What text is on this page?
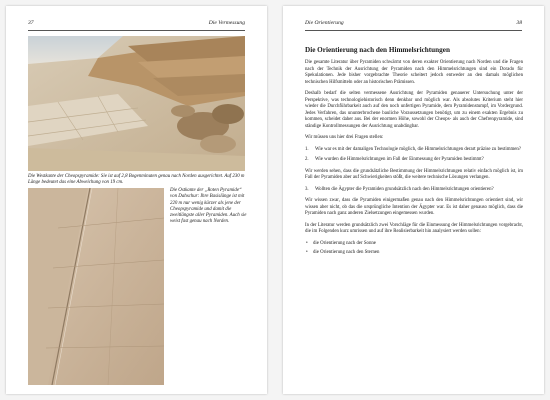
37	Die Vermessung
Die Westkante der Cheopspyramide: Sie ist auf 2,8 Bogenminuten genau nach Norden ausgerichtet. Auf 230 m Länge bedeutet das eine Abweichung von 19 cm.
Die Ostkante der „Roten Pyramide“ von Dahschur: Ihre Basislänge ist mit 220 m nur wenig kürzer als jene der Cheopspyramide und damit die zweitlängste aller Pyramiden. Auch sie weist fast genau nach Norden.
Die Orientierung	38
Die Orientierung nach den Himmelsrichtungen

Die gesamte Literatur über Pyramiden schwärmt von deren exakter Orientierung nach Norden und die Fragen nach der Technik der Ausrichtung der Pyramiden nach den Himmelsrichtungen sind ein Dorado für Spekulationen. Jede bisher vorgebrachte Theorie scheitert jedoch entweder an den damals möglichen technischen Hilfsmitteln oder an historischen Prämissen.

Deshalb bedarf die selten vermessene Ausrichtung der Pyramiden genauerer Untersuchung unter der Perspektive, was technologiehistorisch denn denkbar und möglich war. Als absolutes Kriterium steht hier wieder die Durchführbarkeit auch auf den noch unfertigen Pyramide, dem Pyramidenstumpf, im Vordergrund. Jedes Verfahren, das ununterbrochene bauliche Voraussetzungen benötigt, um zu einem exakten Ergebnis zu kommen, scheidet daher aus. Bei der enormen Höhe, sowohl der Cheops- als auch der Chefrenpyramide, sind ständige Kontrollmessungen der Ausrichtung unabdingbar.

Wir müssen uns hier drei Fragen stellen:

1. Wie war es mit der damaligen Technologie möglich, die Himmelsrichtungen derart präzise zu bestimmen?
2. Wie wurden die Himmelsrichtungen im Fall der Einmessung der Pyramiden bestimmt?

Wir werden sehen, dass die grundsätzliche Bestimmung der Himmelsrichtungen relativ einfach möglich ist, im Fall der Pyramiden aber auf Schwierigkeiten stößt, die weitere technische Lösungen verlangen.

3. Wollten die Ägypter die Pyramiden grundsätzlich nach den Himmelsrichtungen orientieren?

Wir wissen zwar, dass die Pyramiden einigermaßen genau nach den Himmelsrichtungen orientiert sind, wir wissen aber nicht, ob das die ursprüngliche Intention der Ägypter war. Es ist daher genauso möglich, dass die Pyramiden nach ganz anderen Zielsetzungen eingemessen wurden.

In der Literatur werden grundsätzlich zwei Vorschläge für die Einmessung der Himmelsrichtungen vorgebracht, die im Folgenden kurz umrissen und auf ihre Realisierbarkeit hin analysiert werden sollen:

• die Orientierung nach der Sonne
• die Orientierung nach den Sternen
